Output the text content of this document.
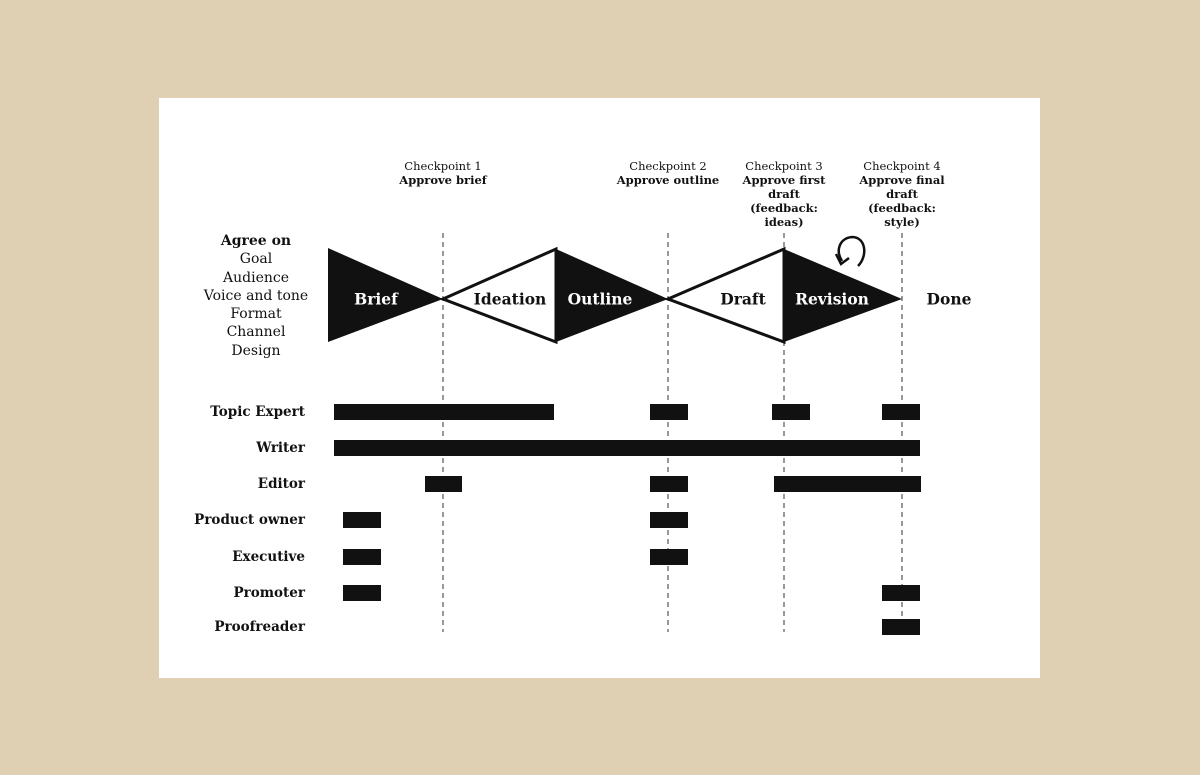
Checkpoint 1
Approve brief
Checkpoint 2
Approve outline
Checkpoint 3
Approve first draft (feedback: ideas)
Checkpoint 4
Approve final draft (feedback: style)
Agree on
Goal
Audience
Voice and tone
Format
Channel
Design
Brief	Ideation Outline	Draft Revision	Done
Topic Expert
Writer
Editor
Product owner
Executive
Promoter
Proofreader
